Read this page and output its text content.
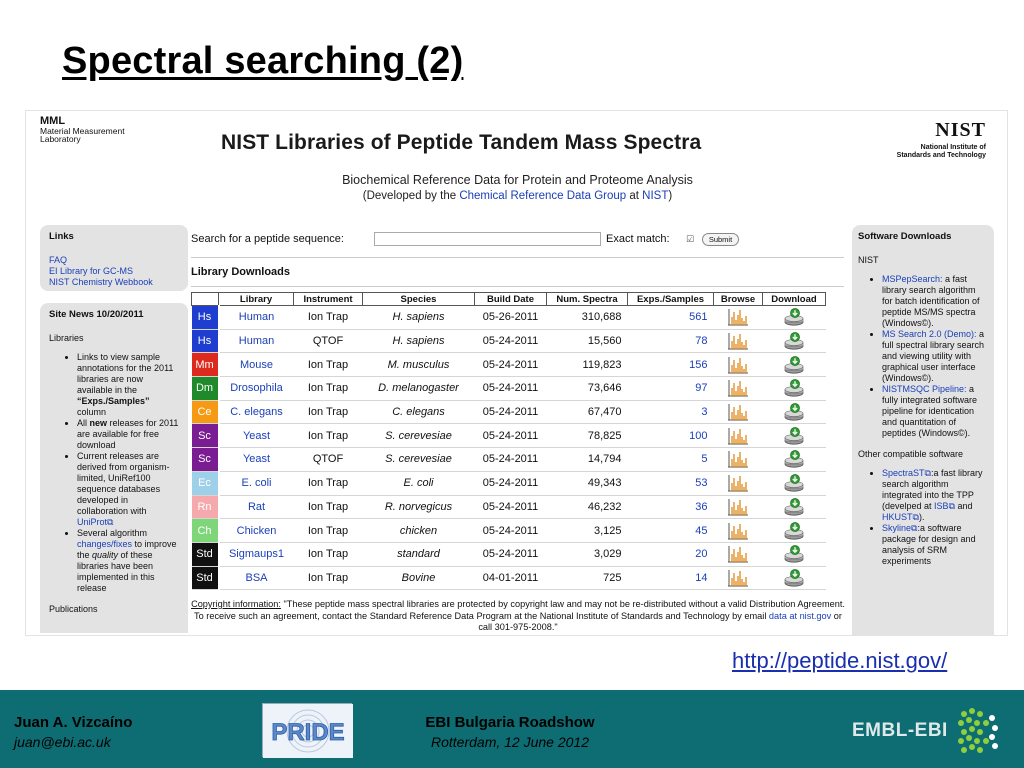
Spectral searching (2)
MML
Material Measurement
Laboratory	NIST Libraries of Peptide Tandem Mass Spectra
Biochemical Reference Data for Protein and Proteome Analysis
(Developed by the Chemical Reference Data Group at NIST)
NIST
National Institute of
Standards and Technology
Links
FAQ
EI Library for GC-MS
NIST Chemistry Webbook
Site News 10/20/2011
Libraries
• Links to view sample annotations for the 2011 libraries are now available in the “Exps./Samples” column
• All new releases for 2011 are available for free download
• Current releases are derived from organism-limited, UniRef100 sequence databases developed in collaboration with UniProt⧉
• Several algorithm changes/fixes to improve the quality of these libraries have been implemented in this release
Publications
Search for a peptide sequence:	Exact match: ☑	Submit
Library Downloads
	Library	Instrument	Species	Build Date	Num. Spectra	Exps./Samples	Browse	Download
Hs	Human	Ion Trap	H. sapiens	05-26-2011	310,688	561		
Hs	Human	QTOF	H. sapiens	05-24-2011	15,560	78		
Mm	Mouse	Ion Trap	M. musculus	05-24-2011	119,823	156		
Dm	Drosophila	Ion Trap	D. melanogaster	05-24-2011	73,646	97		
Ce	C. elegans	Ion Trap	C. elegans	05-24-2011	67,470	3		
Sc	Yeast	Ion Trap	S. cerevesiae	05-24-2011	78,825	100		
Sc	Yeast	QTOF	S. cerevesiae	05-24-2011	14,794	5		
Ec	E. coli	Ion Trap	E. coli	05-24-2011	49,343	53		
Rn	Rat	Ion Trap	R. norvegicus	05-24-2011	46,232	36		
Ch	Chicken	Ion Trap	chicken	05-24-2011	3,125	45		
Std	Sigmaups1	Ion Trap	standard	05-24-2011	3,029	20		
Std	BSA	Ion Trap	Bovine	04-01-2011	725	14		
Copyright information: "These peptide mass spectral libraries are protected by copyright law and may not be re-distributed without a valid Distribution Agreement. To receive such an agreement, contact the Standard Reference Data Program at the National Institute of Standards and Technology by email data at nist.gov or call 301-975-2008."
Software Downloads
NIST
• MSPepSearch: a fast library search algorithm for batch identification of peptide MS/MS spectra (Windows©).
• MS Search 2.0 (Demo): a full spectral library search and viewing utility with graphical user interface (Windows©).
• NISTMSQC Pipeline: a fully integrated software pipeline for identication and quantitation of peptides (Windows©).
Other compatible software
• SpectraST⧉:a fast library search algorithm integrated into the TPP (develped at ISB⧉ and HKUST⧉).
• Skyline⧉:a software package for design and analysis of SRM experiments
http://peptide.nist.gov/
Juan A. Vizcaíno
juan@ebi.ac.uk	PRIDE	EBI Bulgaria Roadshow
Rotterdam, 12 June 2012
EMBL-EBI
